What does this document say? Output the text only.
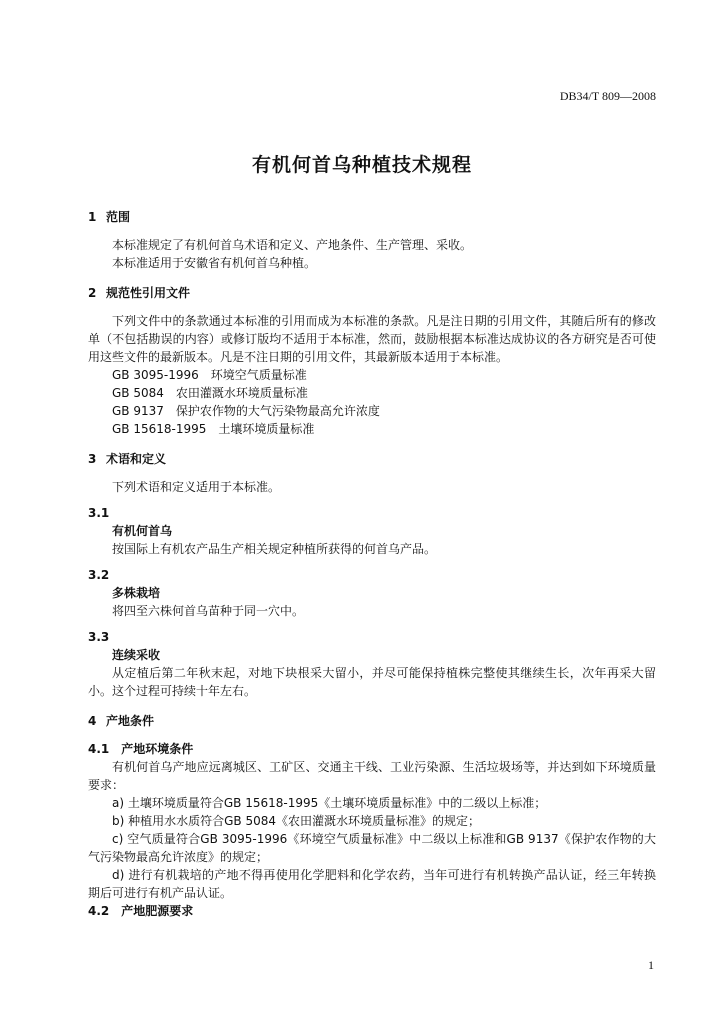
DB34/T 809—2008
有机何首乌种植技术规程
1 范围

本标准规定了有机何首乌术语和定义、产地条件、生产管理、采收。

本标准适用于安徽省有机何首乌种植。

2 规范性引用文件

下列文件中的条款通过本标准的引用而成为本标准的条款。凡是注日期的引用文件，其随后所有的修改单（不包括勘误的内容）或修订版均不适用于本标准，然而，鼓励根据本标准达成协议的各方研究是否可使用这些文件的最新版本。凡是不注日期的引用文件，其最新版本适用于本标准。

GB 3095-1996　环境空气质量标准

GB 5084　农田灌溉水环境质量标准

GB 9137　保护农作物的大气污染物最高允许浓度

GB 15618-1995　土壤环境质量标准

3 术语和定义

下列术语和定义适用于本标准。

3.1

有机何首乌

按国际上有机农产品生产相关规定种植所获得的何首乌产品。

3.2

多株栽培

将四至六株何首乌苗种于同一穴中。

3.3

连续采收

从定植后第二年秋末起，对地下块根采大留小，并尽可能保持植株完整使其继续生长，次年再采大留小。这个过程可持续十年左右。

4 产地条件
4.1　 产地环境条件

有机何首乌产地应远离城区、工矿区、交通主干线、工业污染源、生活垃圾场等，并达到如下环境质量要求：

a) 土壤环境质量符合GB 15618-1995《土壤环境质量标准》中的二级以上标准；

b) 种植用水水质符合GB 5084《农田灌溉水环境质量标准》的规定；

c) 空气质量符合GB 3095-1996《环境空气质量标准》中二级以上标准和GB 9137《保护农作物的大气污染物最高允许浓度》的规定；

d) 进行有机栽培的产地不得再使用化学肥料和化学农药，当年可进行有机转换产品认证，经三年转换期后可进行有机产品认证。

4.2　 产地肥源要求
1
